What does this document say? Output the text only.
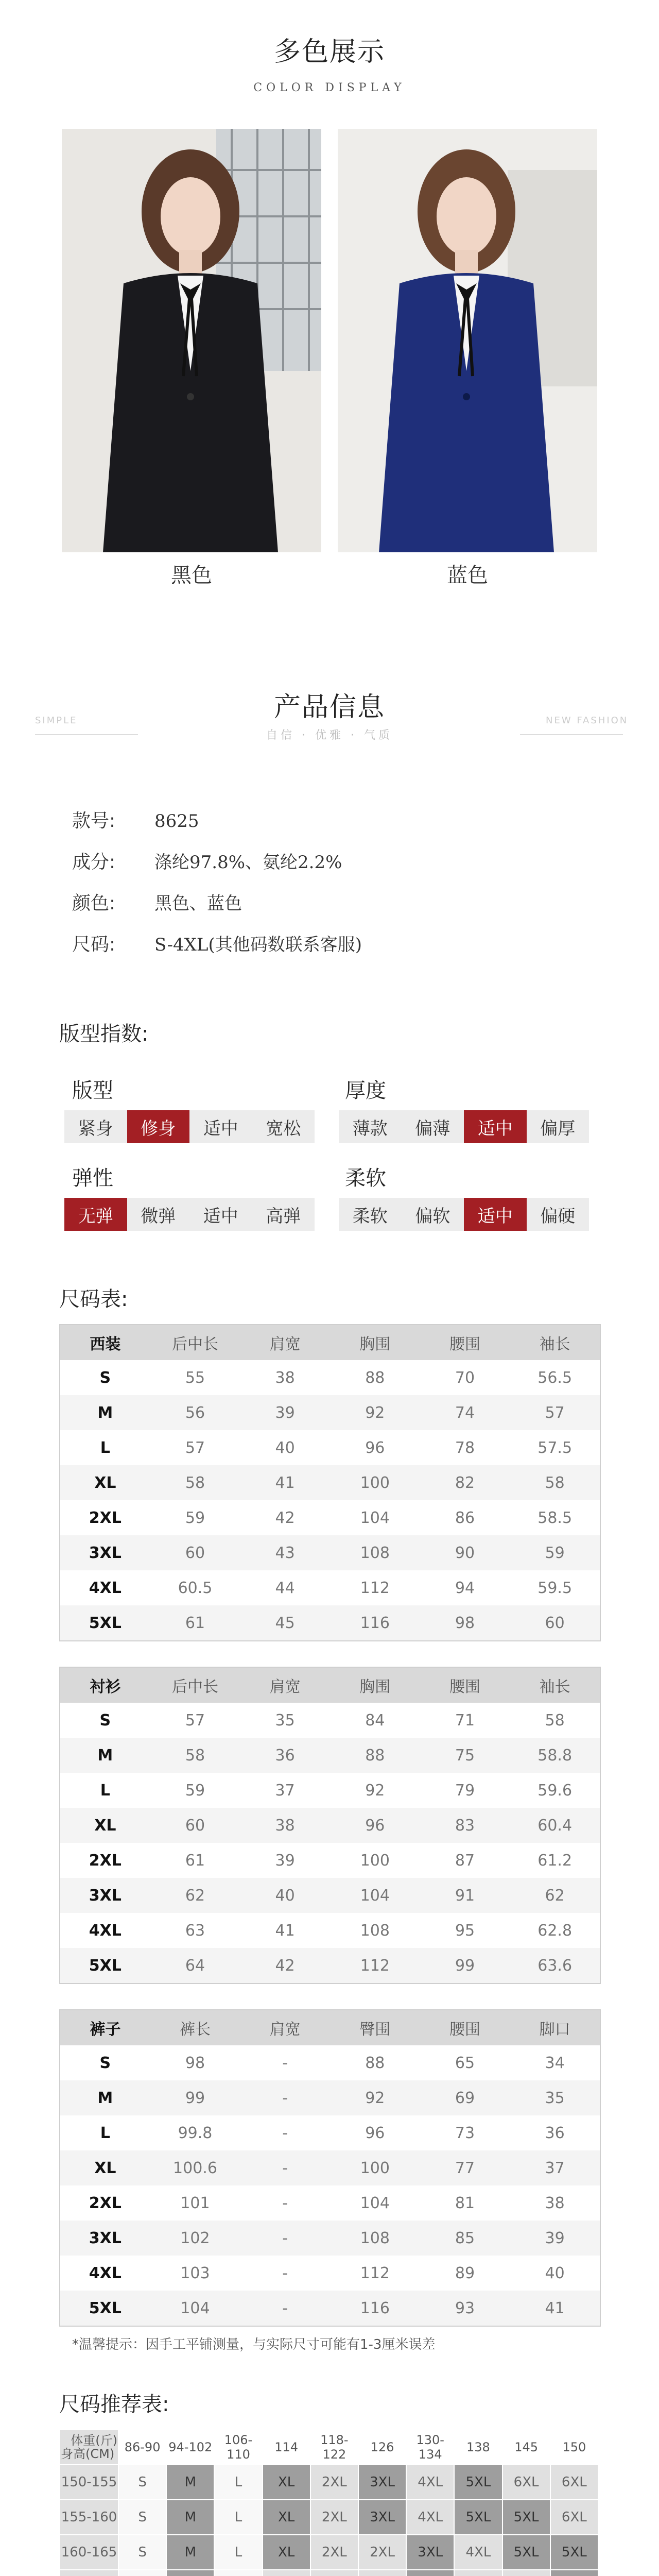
多色展示
COLOR DISPLAY
黑色	蓝色
产品信息
自信 · 优雅 · 气质
SIMPLE	NEW FASHION
款号: 8625
成分: 涤纶97.8%、氨纶2.2%
颜色: 黑色、蓝色
尺码: S-4XL(其他码数联系客服)
版型指数:
版型
紧身	修身	适中	宽松
厚度
薄款	偏薄	适中	偏厚
弹性
无弹	微弹	适中	高弹
柔软
柔软	偏软	适中	偏硬
尺码表:
西装	后中长	肩宽	胸围	腰围	袖长
S	55	38	88	70	56.5
M	56	39	92	74	57
L	57	40	96	78	57.5
XL	58	41	100	82	58
2XL	59	42	104	86	58.5
3XL	60	43	108	90	59
4XL	60.5	44	112	94	59.5
5XL	61	45	116	98	60
衬衫	后中长	肩宽	胸围	腰围	袖长
S	57	35	84	71	58
M	58	36	88	75	58.8
L	59	37	92	79	59.6
XL	60	38	96	83	60.4
2XL	61	39	100	87	61.2
3XL	62	40	104	91	62
4XL	63	41	108	95	62.8
5XL	64	42	112	99	63.6
裤子	裤长	肩宽	臀围	腰围	脚口
S	98	-	88	65	34
M	99	-	92	69	35
L	99.8	-	96	73	36
XL	100.6	-	100	77	37
2XL	101	-	104	81	38
3XL	102	-	108	85	39
4XL	103	-	112	89	40
5XL	104	-	116	93	41
*温馨提示：因手工平铺测量，与实际尺寸可能有1-3厘米误差
尺码推荐表:
体重(斤)
身高(CM)	86-90	94-102	106-110	114	118-122	126	130-134	138	145	150
150-155	S	M	L	XL	2XL	3XL	4XL	5XL	6XL	6XL
155-160	S	M	L	XL	2XL	3XL	4XL	5XL	5XL	6XL
160-165	S	M	L	XL	2XL	2XL	3XL	4XL	5XL	5XL
